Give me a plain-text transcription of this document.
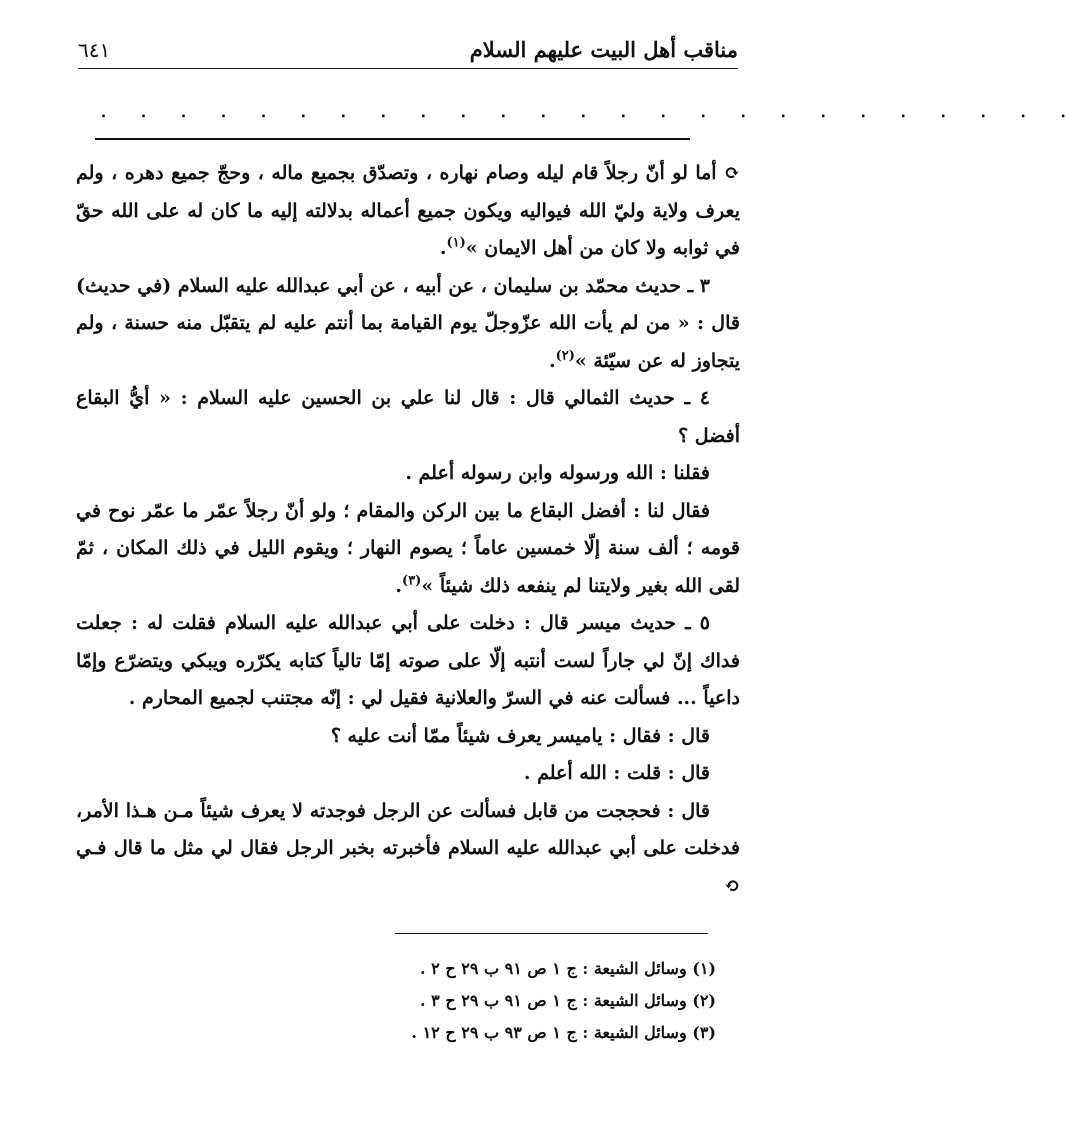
٦٤١	مناقب أهل البيت عليهم السلام
. . . . . . . . . . . . . . . . . . . . . . . . .

⟳ أما لو أنّ رجلاً قام ليله وصام نهاره ، وتصدّق بجميع ماله ، وحجّ جميع دهره ، ولم يعرف ولاية وليّ الله فيواليه ويكون جميع أعماله بدلالته إليه ما كان له على الله حقّ في ثوابه ولا كان من أهل الايمان »$^{(١)}$.

٣ ـ حديث محمّد بن سليمان ، عن أبيه ، عن أبي عبدالله عليه السلام (في حديث) قال : « من لم يأت الله عزّوجلّ يوم القيامة بما أنتم عليه لم يتقبّل منه حسنة ، ولم يتجاوز له عن سيّئة »$^{(٢)}$.

٤ ـ حديث الثمالي قال : قال لنا علي بن الحسين عليه السلام : « أيُّ البقاع أفضل ؟

فقلنا : الله ورسوله وابن رسوله أعلم .

فقال لنا : أفضل البقاع ما بين الركن والمقام ؛ ولو أنّ رجلاً عمّر ما عمّر نوح في قومه ؛ ألف سنة إلّا خمسين عاماً ؛ يصوم النهار ؛ ويقوم الليل في ذلك المكان ، ثمّ لقى الله بغير ولايتنا لم ينفعه ذلك شيئاً »$^{(٣)}$.

٥ ـ حديث ميسر قال : دخلت على أبي عبدالله عليه السلام فقلت له : جعلت فداك إنّ لي جاراً لست أنتبه إلّا على صوته إمّا تالياً كتابه يكرّره ويبكي ويتضرّع وإمّا داعياً ... فسألت عنه في السرّ والعلانية فقيل لي : إنّه مجتنب لجميع المحارم .

قال : فقال : ياميسر يعرف شيئاً ممّا أنت عليه ؟

قال : قلت : الله أعلم .

قال : فحججت من قابل فسألت عن الرجل فوجدته لا يعرف شيئاً مـن هـذا الأمر، فدخلت على أبي عبدالله عليه السلام فأخبرته بخبر الرجل فقال لي مثل ما قال فـي ⟲

(١) وسائل الشيعة : ج ١ ص ٩١ ب ٢٩ ح ٢ .
(٢) وسائل الشيعة : ج ١ ص ٩١ ب ٢٩ ح ٣ .
(٣) وسائل الشيعة : ج ١ ص ٩٣ ب ٢٩ ح ١٢ .
